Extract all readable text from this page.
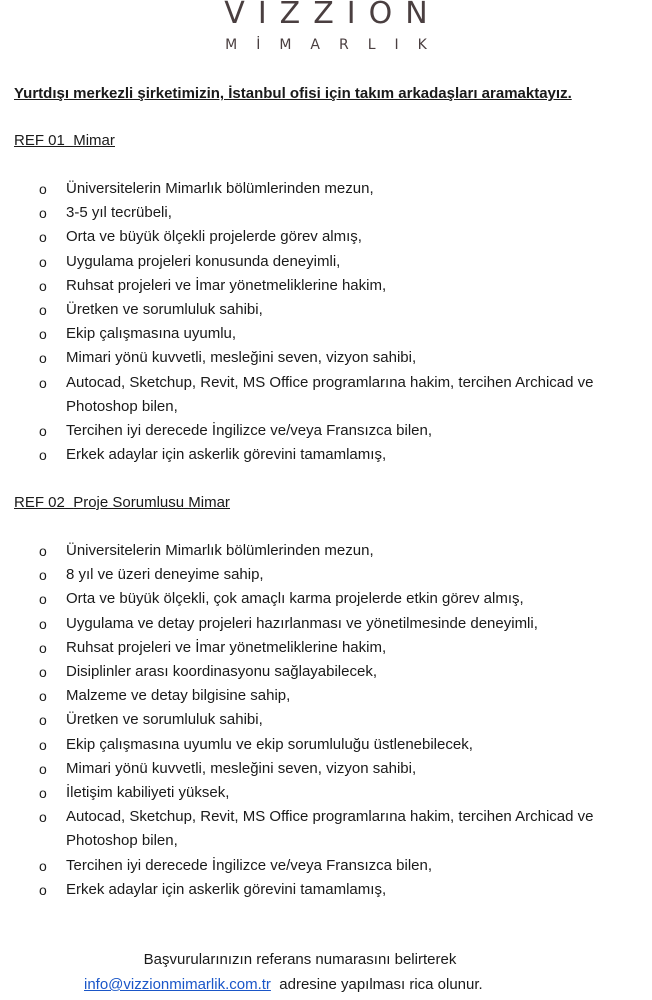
VIZZION
MİMARLIK
Yurtdışı merkezli şirketimizin, İstanbul ofisi için takım arkadaşları aramaktayız.
REF 01 Mimar
o Üniversitelerin Mimarlık bölümlerinden mezun,
o 3-5 yıl tecrübeli,
o Orta ve büyük ölçekli projelerde görev almış,
o Uygulama projeleri konusunda deneyimli,
o Ruhsat projeleri ve İmar yönetmeliklerine hakim,
o Üretken ve sorumluluk sahibi,
o Ekip çalışmasına uyumlu,
o Mimari yönü kuvvetli, mesleğini seven, vizyon sahibi,
o Autocad, Sketchup, Revit, MS Office programlarına hakim, tercihen Archicad ve Photoshop bilen,
o Tercihen iyi derecede İngilizce ve/veya Fransızca bilen,
o Erkek adaylar için askerlik görevini tamamlamış,
REF 02 Proje Sorumlusu Mimar
o Üniversitelerin Mimarlık bölümlerinden mezun,
o 8 yıl ve üzeri deneyime sahip,
o Orta ve büyük ölçekli, çok amaçlı karma projelerde etkin görev almış,
o Uygulama ve detay projeleri hazırlanması ve yönetilmesinde deneyimli,
o Ruhsat projeleri ve İmar yönetmeliklerine hakim,
o Disiplinler arası koordinasyonu sağlayabilecek,
o Malzeme ve detay bilgisine sahip,
o Üretken ve sorumluluk sahibi,
o Ekip çalışmasına uyumlu ve ekip sorumluluğu üstlenebilecek,
o Mimari yönü kuvvetli, mesleğini seven, vizyon sahibi,
o İletişim kabiliyeti yüksek,
o Autocad, Sketchup, Revit, MS Office programlarına hakim, tercihen Archicad ve Photoshop bilen,
o Tercihen iyi derecede İngilizce ve/veya Fransızca bilen,
o Erkek adaylar için askerlik görevini tamamlamış,
Başvurularınızın referans numarasını belirterek
info@vizzionmimarlik.com.tr adresine yapılması rica olunur.
